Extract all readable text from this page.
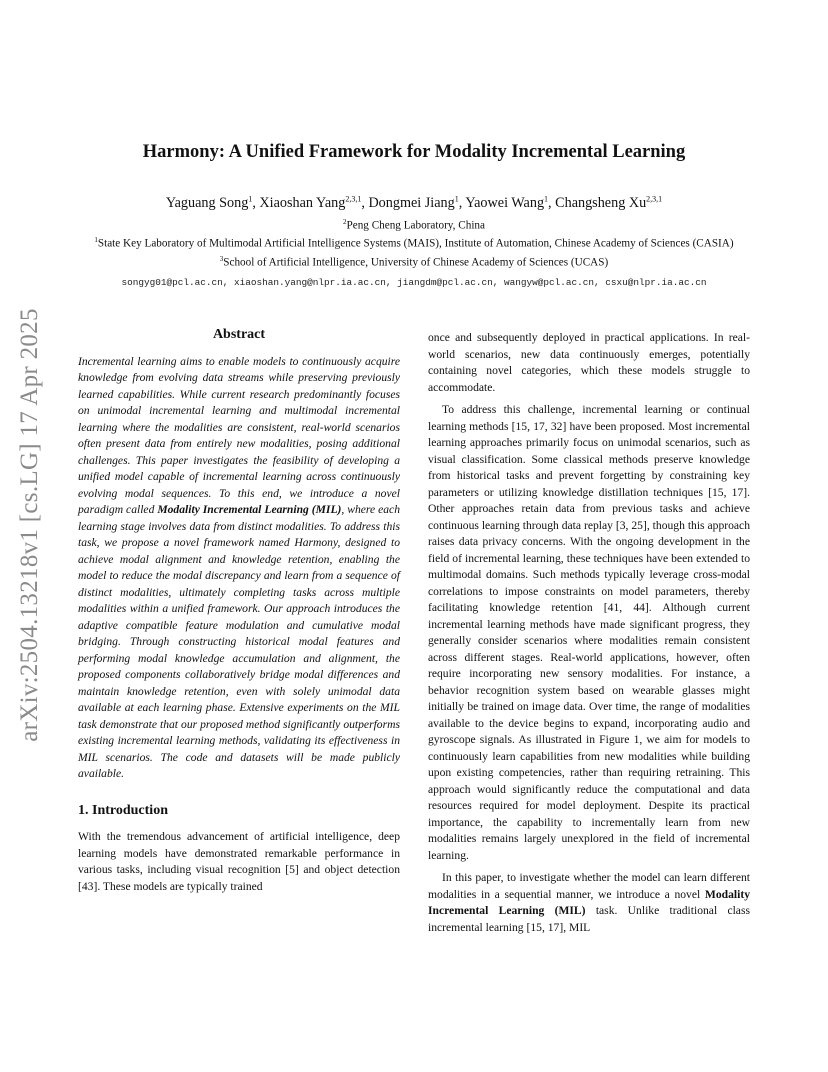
arXiv:2504.13218v1 [cs.LG] 17 Apr 2025
Harmony: A Unified Framework for Modality Incremental Learning
Yaguang Song$^1$, Xiaoshan Yang$^{2,3,1}$, Dongmei Jiang$^1$, Yaowei Wang$^1$, Changsheng Xu$^{2,3,1}$
$^2$Peng Cheng Laboratory, China
$^1$State Key Laboratory of Multimodal Artificial Intelligence Systems (MAIS), Institute of Automation, Chinese Academy of Sciences (CASIA)
$^3$School of Artificial Intelligence, University of Chinese Academy of Sciences (UCAS)
songyg01@pcl.ac.cn, xiaoshan.yang@nlpr.ia.ac.cn, jiangdm@pcl.ac.cn, wangyw@pcl.ac.cn, csxu@nlpr.ia.ac.cn
Abstract

Incremental learning aims to enable models to continuously acquire knowledge from evolving data streams while preserving previously learned capabilities. While current research predominantly focuses on unimodal incremental learning and multimodal incremental learning where the modalities are consistent, real-world scenarios often present data from entirely new modalities, posing additional challenges. This paper investigates the feasibility of developing a unified model capable of incremental learning across continuously evolving modal sequences. To this end, we introduce a novel paradigm called Modality Incremental Learning (MIL), where each learning stage involves data from distinct modalities. To address this task, we propose a novel framework named Harmony, designed to achieve modal alignment and knowledge retention, enabling the model to reduce the modal discrepancy and learn from a sequence of distinct modalities, ultimately completing tasks across multiple modalities within a unified framework. Our approach introduces the adaptive compatible feature modulation and cumulative modal bridging. Through constructing historical modal features and performing modal knowledge accumulation and alignment, the proposed components collaboratively bridge modal differences and maintain knowledge retention, even with solely unimodal data available at each learning phase. Extensive experiments on the MIL task demonstrate that our proposed method significantly outperforms existing incremental learning methods, validating its effectiveness in MIL scenarios. The code and datasets will be made publicly available.

1. Introduction

With the tremendous advancement of artificial intelligence, deep learning models have demonstrated remarkable performance in various tasks, including visual recognition [5] and object detection [43]. These models are typically trained

once and subsequently deployed in practical applications. In real-world scenarios, new data continuously emerges, potentially containing novel categories, which these models struggle to accommodate.

To address this challenge, incremental learning or continual learning methods [15, 17, 32] have been proposed. Most incremental learning approaches primarily focus on unimodal scenarios, such as visual classification. Some classical methods preserve knowledge from historical tasks and prevent forgetting by constraining key parameters or utilizing knowledge distillation techniques [15, 17]. Other approaches retain data from previous tasks and achieve continuous learning through data replay [3, 25], though this approach raises data privacy concerns. With the ongoing development in the field of incremental learning, these techniques have been extended to multimodal domains. Such methods typically leverage cross-modal correlations to impose constraints on model parameters, thereby facilitating knowledge retention [41, 44]. Although current incremental learning methods have made significant progress, they generally consider scenarios where modalities remain consistent across different stages. Real-world applications, however, often require incorporating new sensory modalities. For instance, a behavior recognition system based on wearable glasses might initially be trained on image data. Over time, the range of modalities available to the device begins to expand, incorporating audio and gyroscope signals. As illustrated in Figure 1, we aim for models to continuously learn capabilities from new modalities while building upon existing competencies, rather than requiring retraining. This approach would significantly reduce the computational and data resources required for model deployment. Despite its practical importance, the capability to incrementally learn from new modalities remains largely unexplored in the field of incremental learning.

In this paper, to investigate whether the model can learn different modalities in a sequential manner, we introduce a novel Modality Incremental Learning (MIL) task. Unlike traditional class incremental learning [15, 17], MIL
